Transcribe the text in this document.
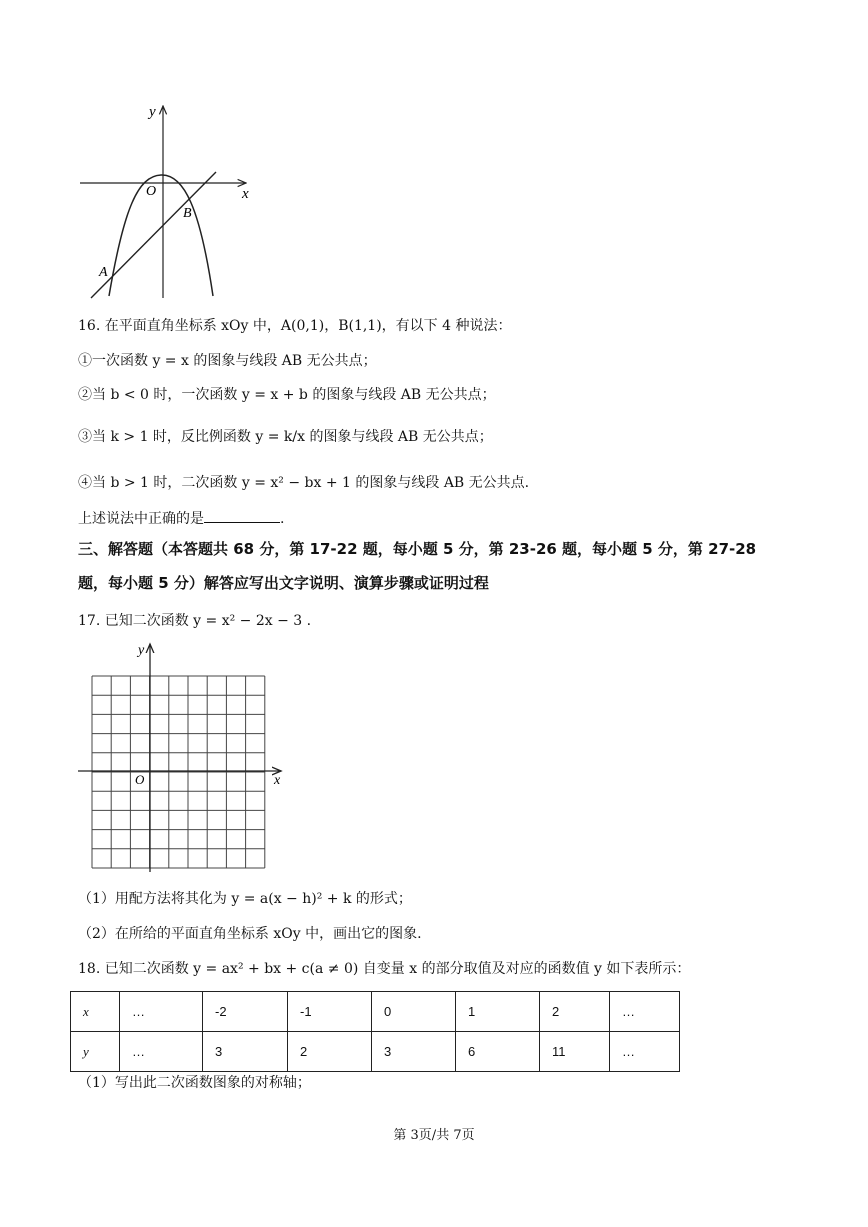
y
x
O
B
A
16. 在平面直角坐标系 xOy 中，A(0,1)，B(1,1)，有以下 4 种说法：
①一次函数 y = x 的图象与线段 AB 无公共点；
②当 b < 0 时，一次函数 y = x + b 的图象与线段 AB 无公共点；
③当 k > 1 时，反比例函数 y = k/x 的图象与线段 AB 无公共点；
④当 b > 1 时，二次函数 y = x² − bx + 1 的图象与线段 AB 无公共点.
上述说法中正确的是	.
三、解答题（本答题共 68 分，第 17-22 题，每小题 5 分，第 23-26 题，每小题 5 分，第 27-28
题，每小题 5 分）解答应写出文字说明、演算步骤或证明过程
17. 已知二次函数 y = x² − 2x − 3 .
y
x
O
（1）用配方法将其化为 y = a(x − h)² + k 的形式；
（2）在所给的平面直角坐标系 xOy 中，画出它的图象.
18. 已知二次函数 y = ax² + bx + c(a ≠ 0) 自变量 x 的部分取值及对应的函数值 y 如下表所示：
x	…	-2	-1	0	1	2	…
y	…	3	2	3	6	11	…
（1）写出此二次函数图象的对称轴；
第 3页/共 7页
